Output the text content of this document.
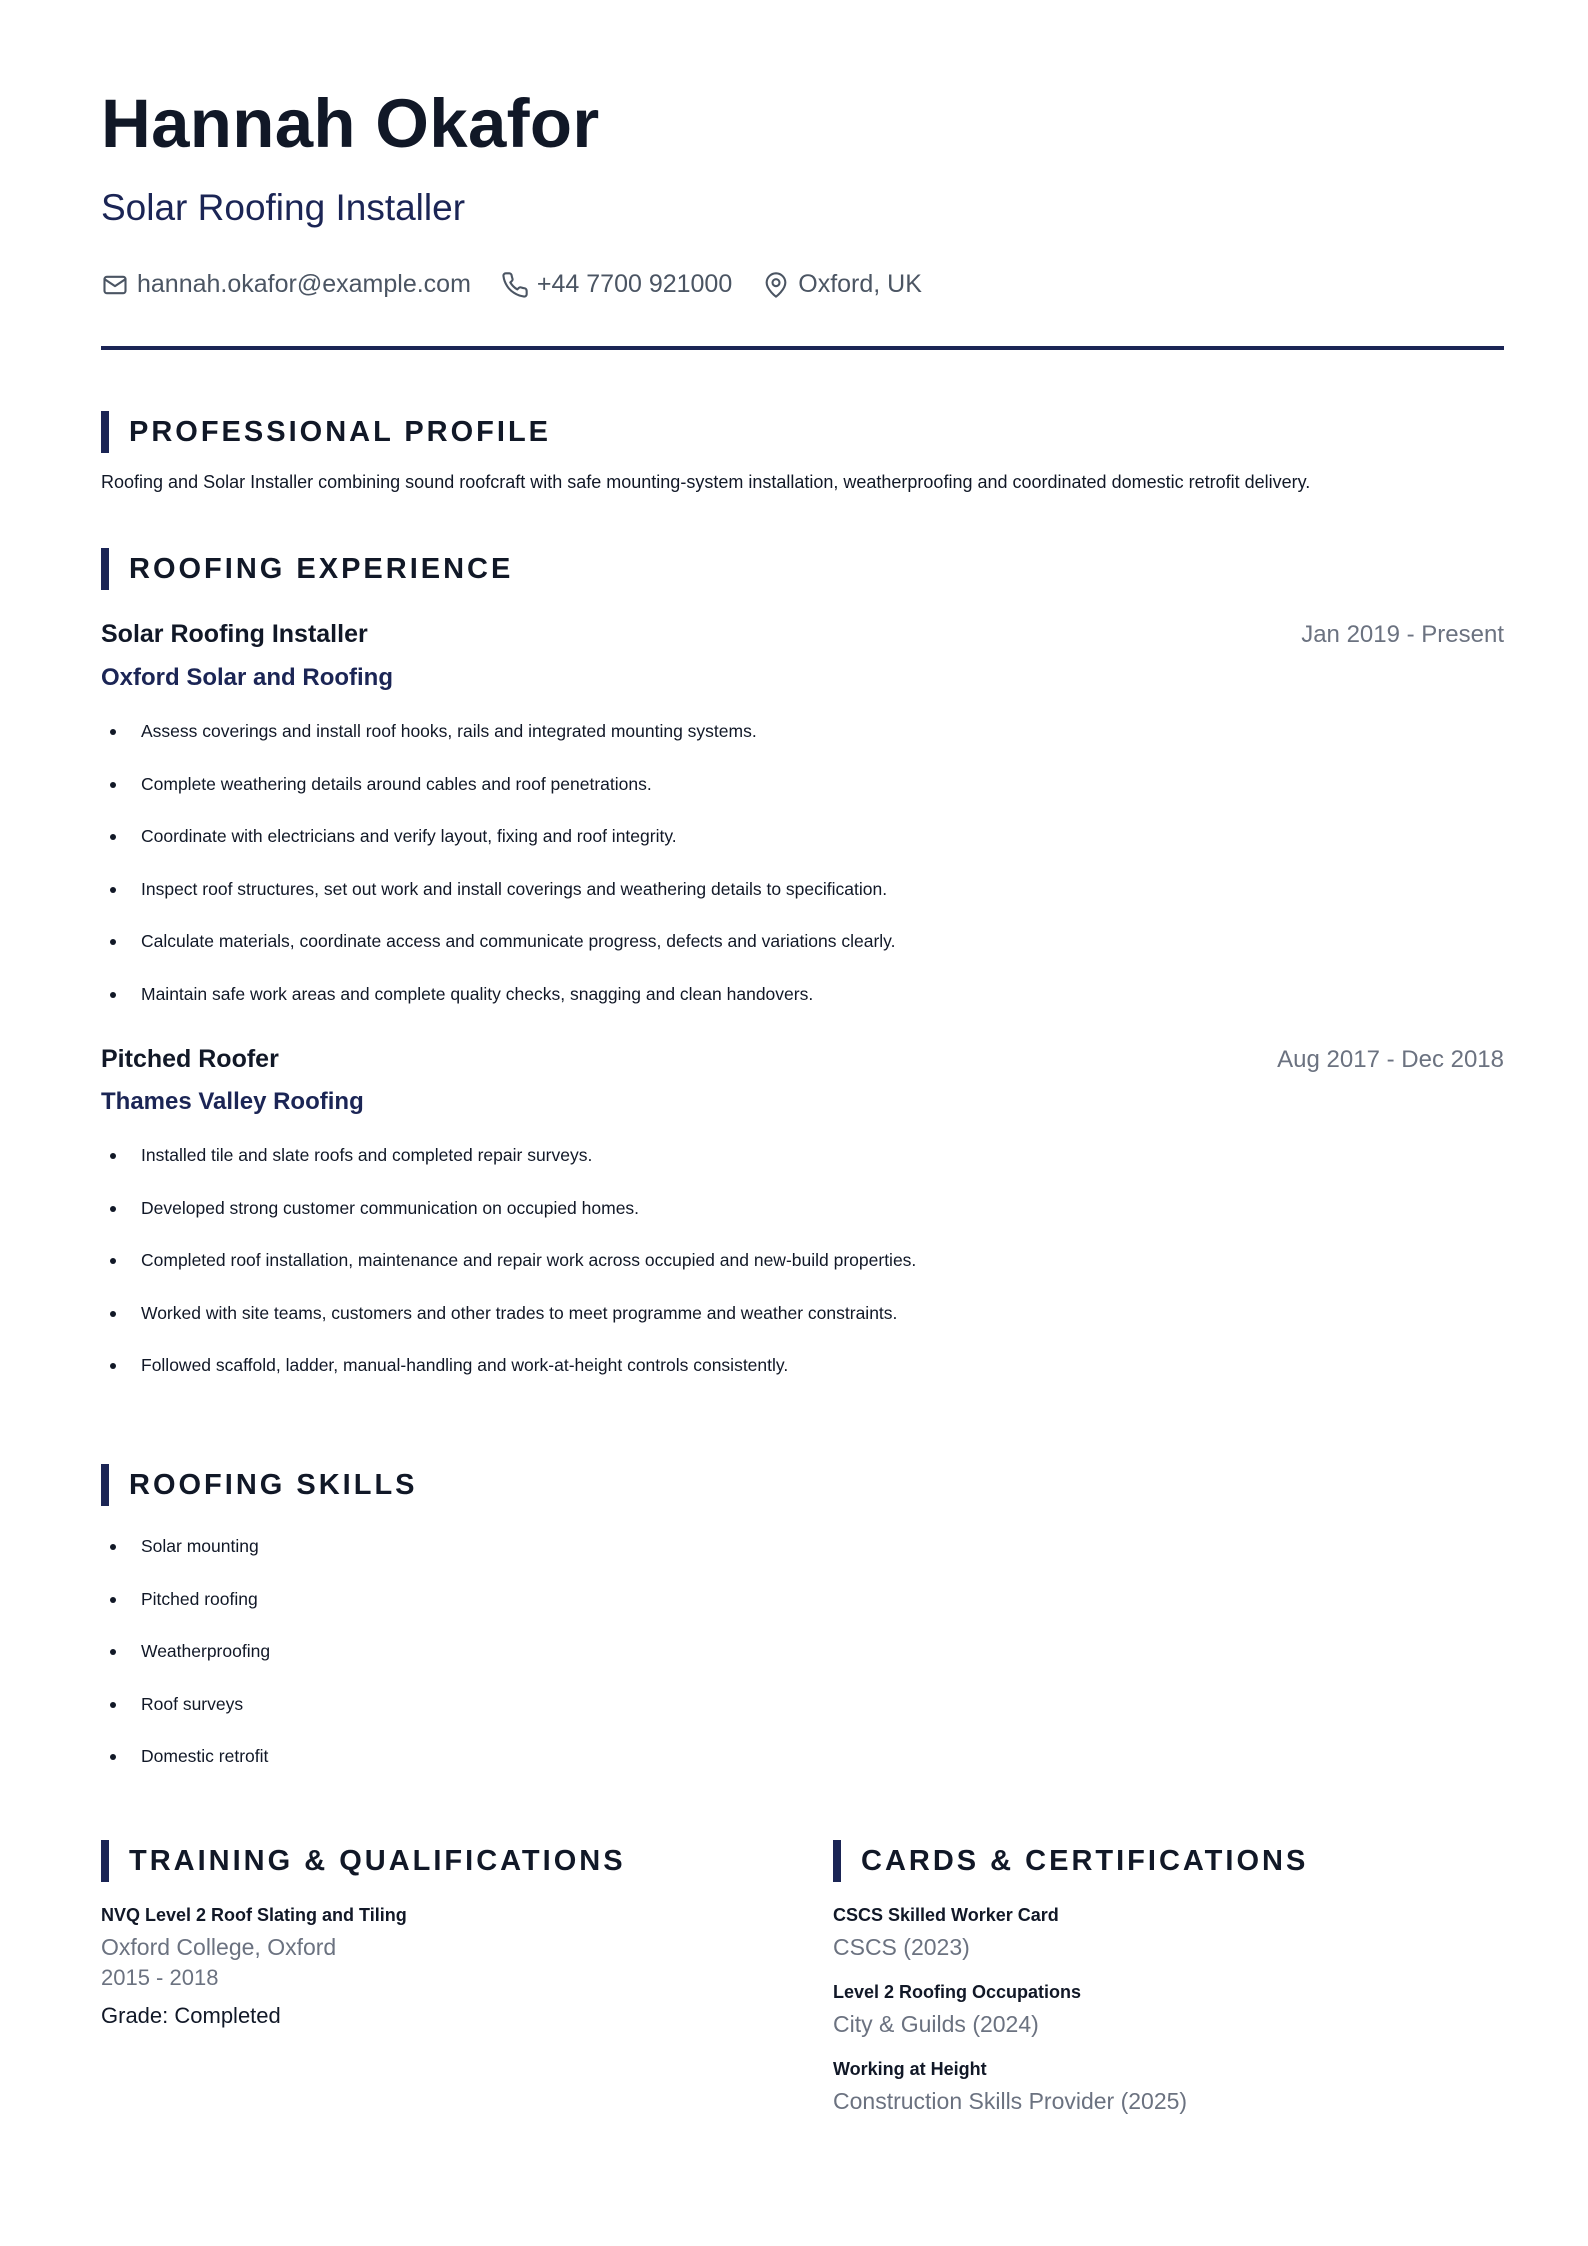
Hannah Okafor
Solar Roofing Installer
hannah.okafor@example.com	+44 7700 921000	Oxford, UK
PROFESSIONAL PROFILE

Roofing and Solar Installer combining sound roofcraft with safe mounting-system installation, weatherproofing and coordinated domestic retrofit delivery.

ROOFING EXPERIENCE

Solar Roofing Installer	Jan 2019 - Present

Oxford Solar and Roofing

Assess coverings and install roof hooks, rails and integrated mounting systems.
Complete weathering details around cables and roof penetrations.
Coordinate with electricians and verify layout, fixing and roof integrity.
Inspect roof structures, set out work and install coverings and weathering details to specification.
Calculate materials, coordinate access and communicate progress, defects and variations clearly.
Maintain safe work areas and complete quality checks, snagging and clean handovers.

Pitched Roofer	Aug 2017 - Dec 2018

Thames Valley Roofing

Installed tile and slate roofs and completed repair surveys.
Developed strong customer communication on occupied homes.
Completed roof installation, maintenance and repair work across occupied and new-build properties.
Worked with site teams, customers and other trades to meet programme and weather constraints.
Followed scaffold, ladder, manual-handling and work-at-height controls consistently.
ROOFING SKILLS
Solar mounting
Pitched roofing
Weatherproofing
Roof surveys
Domestic retrofit
TRAINING & QUALIFICATIONS

NVQ Level 2 Roof Slating and Tiling

Oxford College, Oxford

2015 - 2018

Grade: Completed

CARDS & CERTIFICATIONS

CSCS Skilled Worker Card

CSCS (2023)

Level 2 Roofing Occupations

City & Guilds (2024)

Working at Height

Construction Skills Provider (2025)
